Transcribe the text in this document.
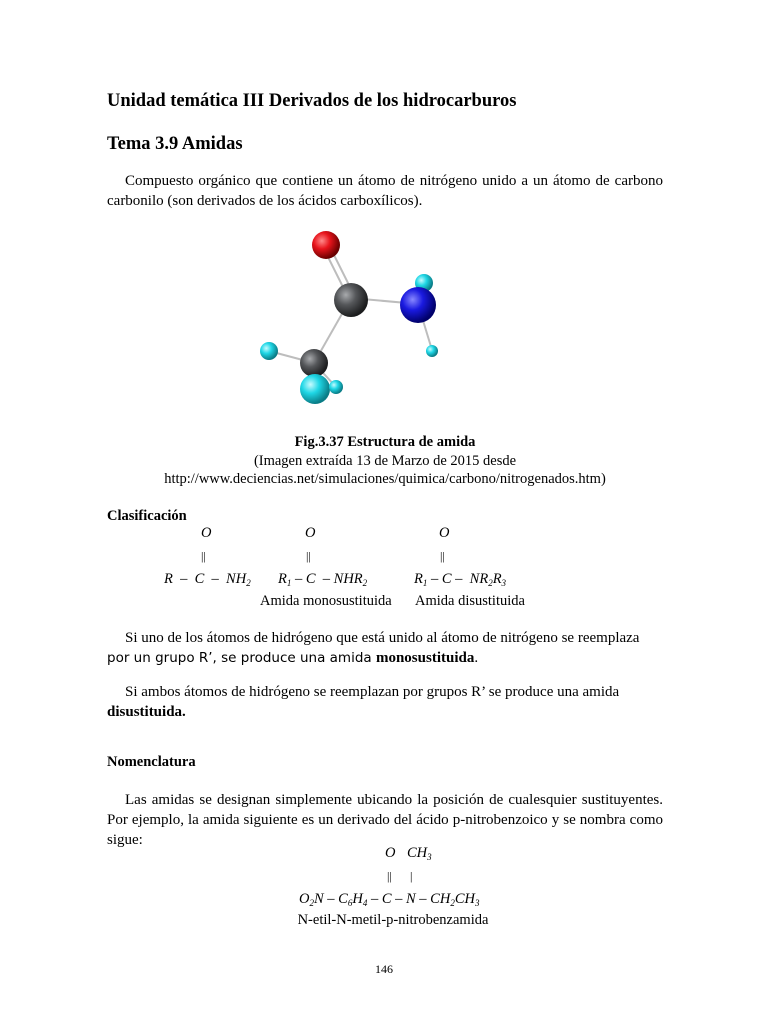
Unidad temática III Derivados de los hidrocarburos
Tema 3.9 Amidas
Compuesto orgánico que contiene un átomo de nitrógeno unido a un átomo de carbono carbonilo (son derivados de los ácidos carboxílicos).
Fig.3.37 Estructura de amida
(Imagen extraída 13 de Marzo de 2015 desde
http://www.deciencias.net/simulaciones/quimica/carbono/nitrogenados.htm)
Clasificación
O	O	O
||	||	||
R – C – $NH_2$ $R_1$ – C – $NHR_2$	$R_1$ – C – $NR_2R_3$
Amida monosustituida Amida disustituida
Si uno de los átomos de hidrógeno que está unido al átomo de nitrógeno se reemplaza
por un grupo R’, se produce una amida monosustituida.
Si ambos átomos de hidrógeno se reemplazan por grupos R’ se produce una amida
disustituida.
Nomenclatura
Las amidas se designan simplemente ubicando la posición de cualesquier sustituyentes. Por ejemplo, la amida siguiente es un derivado del ácido p-nitrobenzoico y se nombra como sigue:
O $CH_3$
|| |
$O_2N - C_6H_4$ – C – N – $CH_2CH_3$
N-etil-N-metil-p-nitrobenzamida
146
